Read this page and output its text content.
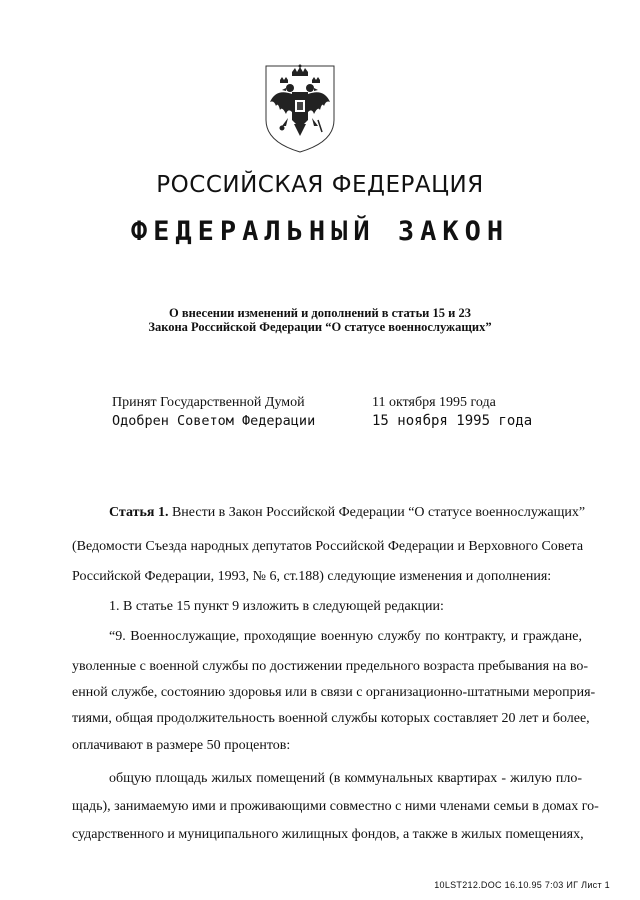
РОССИЙСКАЯ ФЕДЕРАЦИЯ
ФЕДЕРАЛЬНЫЙ ЗАКОН
О внесении изменений и дополнений в статьи 15 и 23
Закона Российской Федерации “О статусе военнослужащих”
Принят Государственной Думой	11 октября 1995 года
Одобрен Советом Федерации	15 ноября 1995 года
Статья 1. Внести в Закон Российской Федерации “О статусе военнослужащих”
(Ведомости Съезда народных депутатов Российской Федерации и Верховного Совета
Российской Федерации, 1993, № 6, ст.188) следующие изменения и дополнения:
1. В статье 15 пункт 9 изложить в следующей редакции:
“9. Военнослужащие, проходящие военную службу по контракту, и граждане,
уволенные с военной службы по достижении предельного возраста пребывания на во-
енной службе, состоянию здоровья или в связи с организационно-штатными мероприя-
тиями, общая продолжительность военной службы которых составляет 20 лет и более,
оплачивают в размере 50 процентов:
общую площадь жилых помещений (в коммунальных квартирах - жилую пло-
щадь), занимаемую ими и проживающими совместно с ними членами семьи в домах го-
сударственного и муниципального жилищных фондов, а также в жилых помещениях,
10LST212.DOC 16.10.95 7:03 ИГ Лист 1
